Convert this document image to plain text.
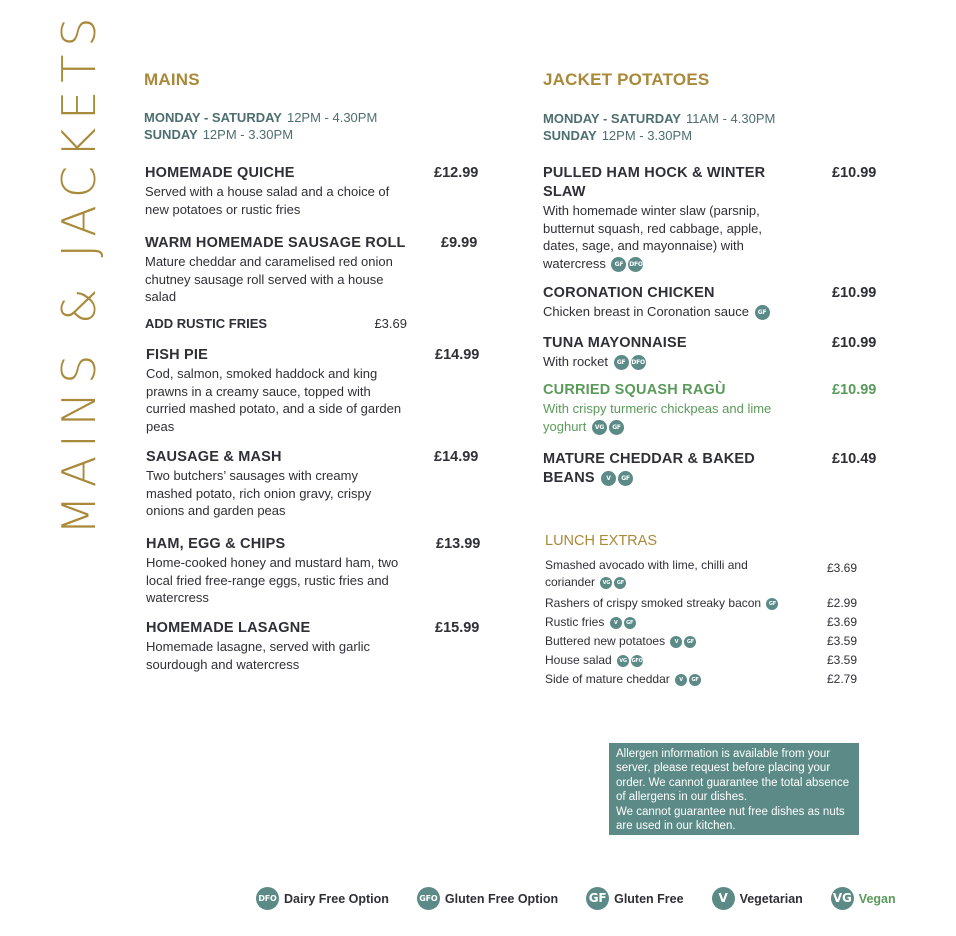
MAINS & JACKETS MAINS
MONDAY - SATURDAY 12PM - 4.30PM
SUNDAY 12PM - 3.30PM
HOMEMADE QUICHE	£12.99
Served with a house salad and a choice of new potatoes or rustic fries
WARM HOMEMADE SAUSAGE ROLL	£9.99
Mature cheddar and caramelised red onion chutney sausage roll served with a house salad
ADD RUSTIC FRIES	£3.69
FISH PIE	£14.99
Cod, salmon, smoked haddock and king prawns in a creamy sauce, topped with curried mashed potato, and a side of garden peas
SAUSAGE & MASH	£14.99
Two butchers’ sausages with creamy mashed potato, rich onion gravy, crispy onions and garden peas
HAM, EGG & CHIPS	£13.99
Home-cooked honey and mustard ham, two local fried free-range eggs, rustic fries and watercress
HOMEMADE LASAGNE	£15.99
Homemade lasagne, served with garlic sourdough and watercress
JACKET POTATOES
MONDAY - SATURDAY 11AM - 4.30PM
SUNDAY 12PM - 3.30PM
PULLED HAM HOCK & WINTER SLAW
£10.99
With homemade winter slaw (parsnip, butternut squash, red cabbage, apple, dates, sage, and mayonnaise) with watercress GF DFO
CORONATION CHICKEN	£10.99
Chicken breast in Coronation sauce GF
TUNA MAYONNAISE	£10.99
With rocket GF DFO
CURRIED SQUASH RAGÙ	£10.99
With crispy turmeric chickpeas and lime yoghurt VG GF
MATURE CHEDDAR & BAKED BEANS V GF
£10.49
LUNCH EXTRAS
Smashed avocado with lime, chilli and coriander VG GF
£3.69
Rashers of crispy smoked streaky bacon GF	£2.99
Rustic fries V GF	£3.69
Buttered new potatoes V GF	£3.59
House salad VG GFO	£3.59
Side of mature cheddar V GF	£2.79
Allergen information is available from your server, please request before placing your order. We cannot guarantee the total absence of allergens in our dishes.
We cannot guarantee nut free dishes as nuts are used in our kitchen.
DFO Dairy Free Option	GFO Gluten Free Option	GF Gluten Free	V Vegetarian	VG Vegan
